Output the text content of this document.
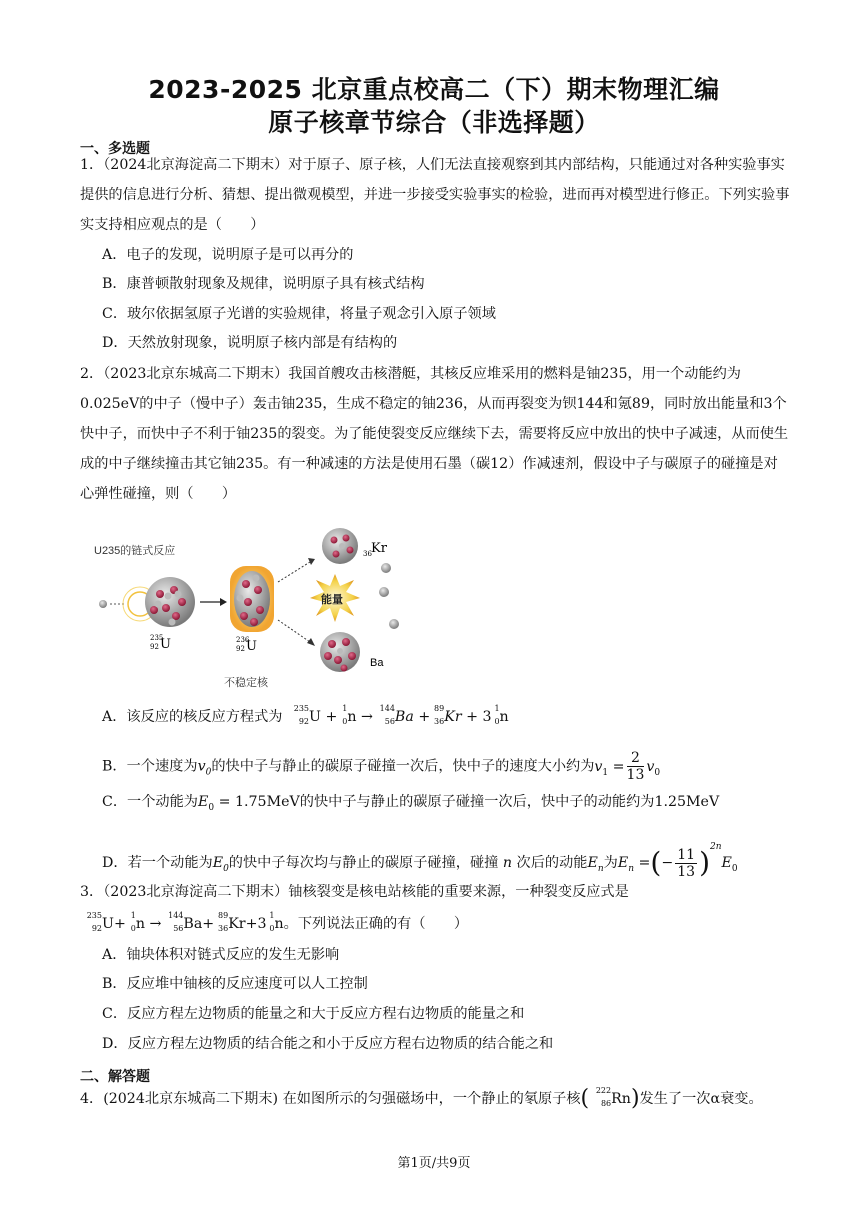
2023-2025 北京重点校高二（下）期末物理汇编
原子核章节综合（非选择题）
一、多选题
1．（2024北京海淀高二下期末）对于原子、原子核，人们无法直接观察到其内部结构，只能通过对各种实验事实提供的信息进行分析、猜想、提出微观模型，并进一步接受实验事实的检验，进而再对模型进行修正。下列实验事实支持相应观点的是（　　）
A．电子的发现，说明原子是可以再分的
B．康普顿散射现象及规律，说明原子具有核式结构
C．玻尔依据氢原子光谱的实验规律，将量子观念引入原子领域
D．天然放射现象，说明原子核内部是有结构的
2．（2023北京东城高二下期末）我国首艘攻击核潜艇，其核反应堆采用的燃料是铀235，用一个动能约为0.025eV的中子（慢中子）轰击铀235，生成不稳定的铀236，从而再裂变为钡144和氪89，同时放出能量和3个快中子，而快中子不利于铀235的裂变。为了能使裂变反应继续下去，需要将反应中放出的快中子减速，从而使生成的中子继续撞击其它铀235。有一种减速的方法是使用石墨（碳12）作减速剂，假设中子与碳原子的碰撞是对心弹性碰撞，则（　　）
U235的链式反应
235
92 U	236
92 U
36 Kr
能量
Ba
不稳定核
A．该反应的核反应方程式为
235
92 U +
1
0 n →
144
56 Ba +
89
36 Kr + 3
1
0 n
B．一个速度为$v_0$的快中子与静止的碳原子碰撞一次后，快中子的速度大小约为$v_1 = \frac{2}{13} v_0$
C．一个动能为$E_0 = 1.75MeV$的快中子与静止的碳原子碰撞一次后，快中子的动能约为1.25MeV
D．若一个动能为$E_0$的快中子每次均与静止的碳原子碰撞，碰撞 n 次后的动能$E_n$为$E_n$ =(− $\frac{11}{13} )^{2n}E_0$
3．（2023北京海淀高二下期末）铀核裂变是核电站核能的重要来源，一种裂变反应式是
235
92 U+
1
0 n →
144
56 Ba+
89
36 Kr+3
1
0 n。下列说法正确的有（　　）
A．铀块体积对链式反应的发生无影响
B．反应堆中铀核的反应速度可以人工控制
C．反应方程左边物质的能量之和大于反应方程右边物质的能量之和
D．反应方程左边物质的结合能之和小于反应方程右边物质的结合能之和
二、解答题
4．(2024北京东城高二下期末) 在如图所示的匀强磁场中，一个静止的氡原子核( 222
86 Rn)发生了一次α衰变。
第1页/共9页
